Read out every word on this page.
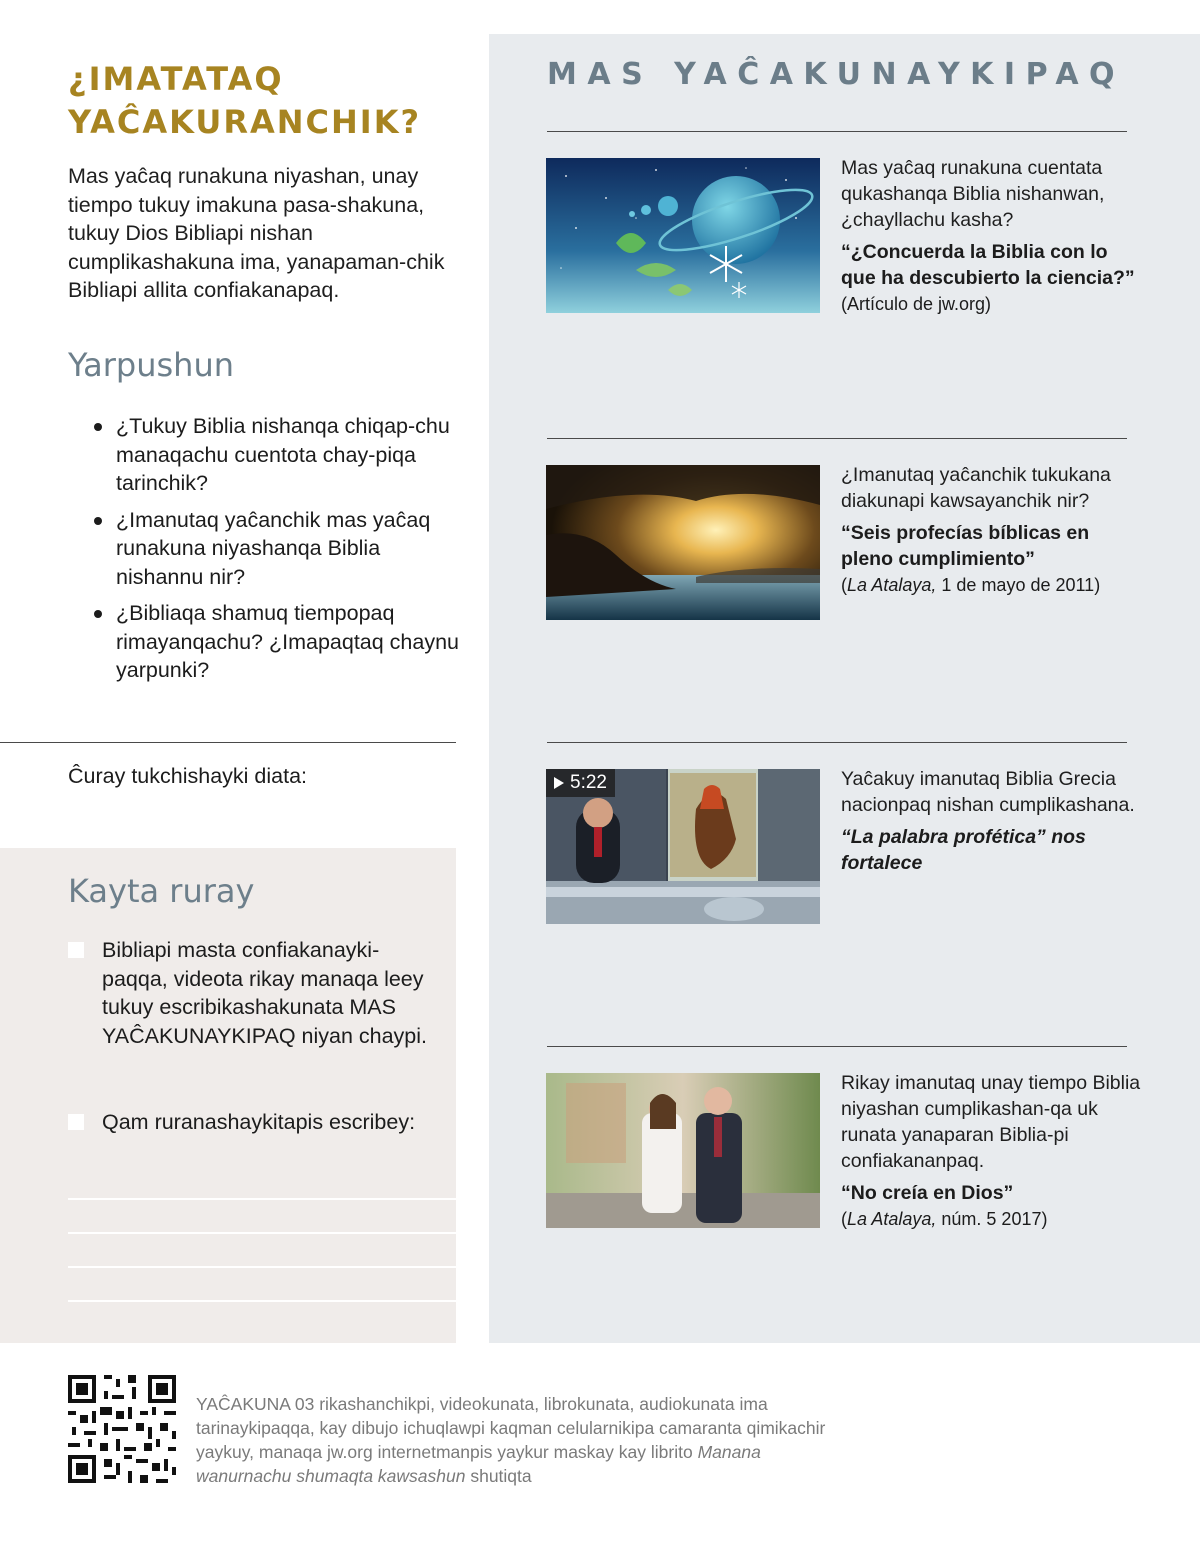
¿IMATATAQ
YAĈAKURANCHIK?

Mas yaĉaq runakuna niyashan, unay tiempo tukuy imakuna pasa-shakuna, tukuy Dios Bibliapi nishan cumplikashakuna ima, yanapaman-chik Bibliapi allita confiakanapaq.

Yarpushun
¿Tukuy Biblia nishanqa chiqap-chu manaqachu cuentota chay-piqa tarinchik?
¿Imanutaq yaĉanchik mas yaĉaq runakuna niyashanqa Biblia nishannu nir?
¿Bibliaqa shamuq tiempopaq rimayanqachu? ¿Imapaqtaq chaynu yarpunki?
Ĉuray tukchishayki diata:
Kayta ruray
Bibliapi masta confiakanayki-paqqa, videota rikay manaqa leey tukuy escribikashakunata MAS YAĈAKUNAYKIPAQ niyan chaypi.
Qam ruranashaykitapis escribey:
MAS YAĈAKUNAYKIPAQ

Mas yaĉaq runakuna cuentata qukashanqa Biblia nishanwan, ¿chayllachu kasha?

“¿Concuerda la Biblia con lo que ha descubierto la ciencia?” (Artículo de jw.org)

¿Imanutaq yaĉanchik tukukana diakunapi kawsayanchik nir?

“Seis profecías bíblicas en pleno cumplimiento”

(La Atalaya, 1 de mayo de 2011)

5:22	Yaĉakuy imanutaq Biblia Grecia nacionpaq nishan cumplikashana.

“La palabra profética” nos fortalece

Rikay imanutaq unay tiempo Biblia niyashan cumplikashan-qa uk runata yanaparan Biblia-pi confiakananpaq.

“No creía en Dios”

(La Atalaya, núm. 5 2017)

YAĈAKUNA 03 rikashanchikpi, videokunata, librokunata, audiokunata ima tarinaykipaqqa, kay dibujo ichuqlawpi kaqman celularnikipa camaranta qimikachir yaykuy, manaqa jw.org internetmanpis yaykur maskay kay librito Manana wanurnachu shumaqta kawsashun shutiqta
